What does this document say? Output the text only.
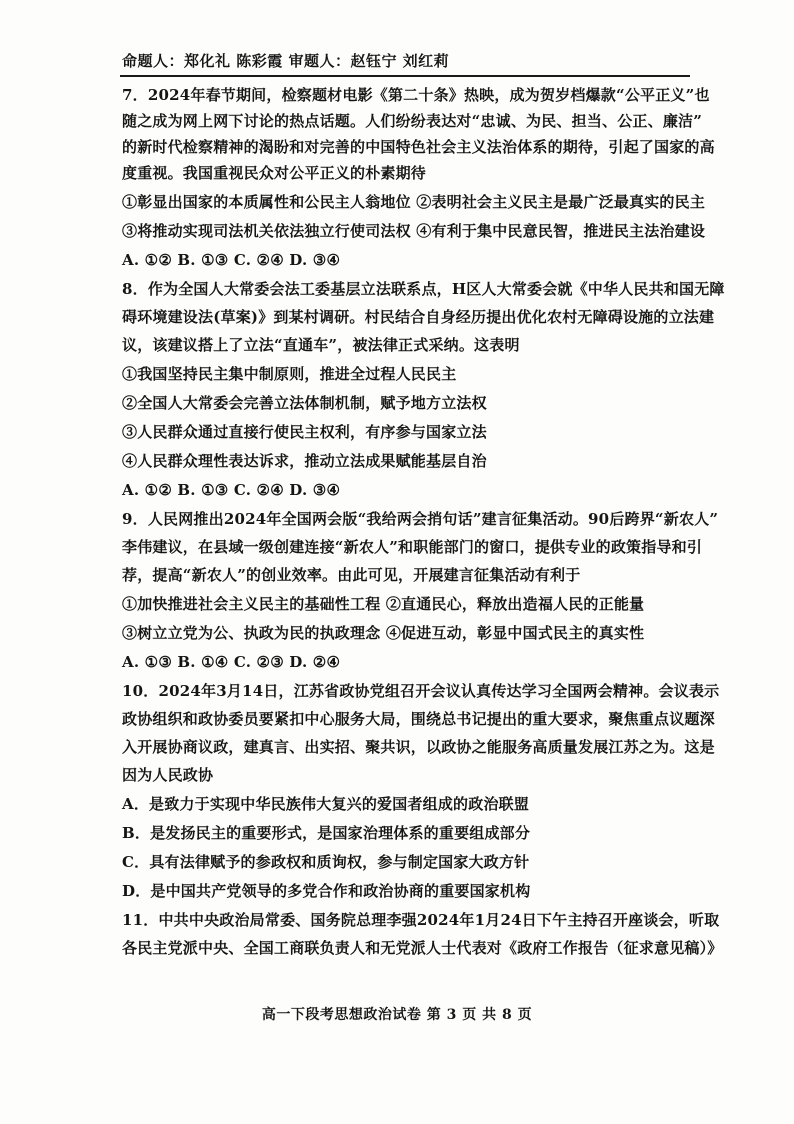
命题人：郑化礼 陈彩霞 审题人：赵钰宁 刘红莉
7．2024年春节期间，检察题材电影《第二十条》热映，成为贺岁档爆款“公平正义”也
随之成为网上网下讨论的热点话题。人们纷纷表达对“忠诚、为民、担当、公正、廉洁”
的新时代检察精神的渴盼和对完善的中国特色社会主义法治体系的期待，引起了国家的高
度重视。我国重视民众对公平正义的朴素期待
①彰显出国家的本质属性和公民主人翁地位 ②表明社会主义民主是最广泛最真实的民主
③将推动实现司法机关依法独立行使司法权 ④有利于集中民意民智，推进民主法治建设
A. ①② B. ①③ C. ②④ D. ③④
8．作为全国人大常委会法工委基层立法联系点，H区人大常委会就《中华人民共和国无障
碍环境建设法(草案)》到某村调研。村民结合自身经历提出优化农村无障碍设施的立法建
议，该建议搭上了立法“直通车”，被法律正式采纳。这表明
①我国坚持民主集中制原则，推进全过程人民民主
②全国人大常委会完善立法体制机制，赋予地方立法权
③人民群众通过直接行使民主权利，有序参与国家立法
④人民群众理性表达诉求，推动立法成果赋能基层自治
A. ①② B. ①③ C. ②④ D. ③④
9．人民网推出2024年全国两会版“我给两会捎句话”建言征集活动。90后跨界“新农人”
李伟建议，在县域一级创建连接“新农人”和职能部门的窗口，提供专业的政策指导和引
荐，提高“新农人”的创业效率。由此可见，开展建言征集活动有利于
①加快推进社会主义民主的基础性工程 ②直通民心，释放出造福人民的正能量
③树立立党为公、执政为民的执政理念 ④促进互动，彰显中国式民主的真实性
A. ①③ B. ①④ C. ②③ D. ②④
10．2024年3月14日，江苏省政协党组召开会议认真传达学习全国两会精神。会议表示
政协组织和政协委员要紧扣中心服务大局，围绕总书记提出的重大要求，聚焦重点议题深
入开展协商议政，建真言、出实招、聚共识，以政协之能服务高质量发展江苏之为。这是
因为人民政协
A．是致力于实现中华民族伟大复兴的爱国者组成的政治联盟
B．是发扬民主的重要形式，是国家治理体系的重要组成部分
C．具有法律赋予的参政权和质询权，参与制定国家大政方针
D．是中国共产党领导的多党合作和政治协商的重要国家机构
11．中共中央政治局常委、国务院总理李强2024年1月24日下午主持召开座谈会，听取
各民主党派中央、全国工商联负责人和无党派人士代表对《政府工作报告（征求意见稿）》
高一下段考思想政治试卷 第 3 页 共 8 页
